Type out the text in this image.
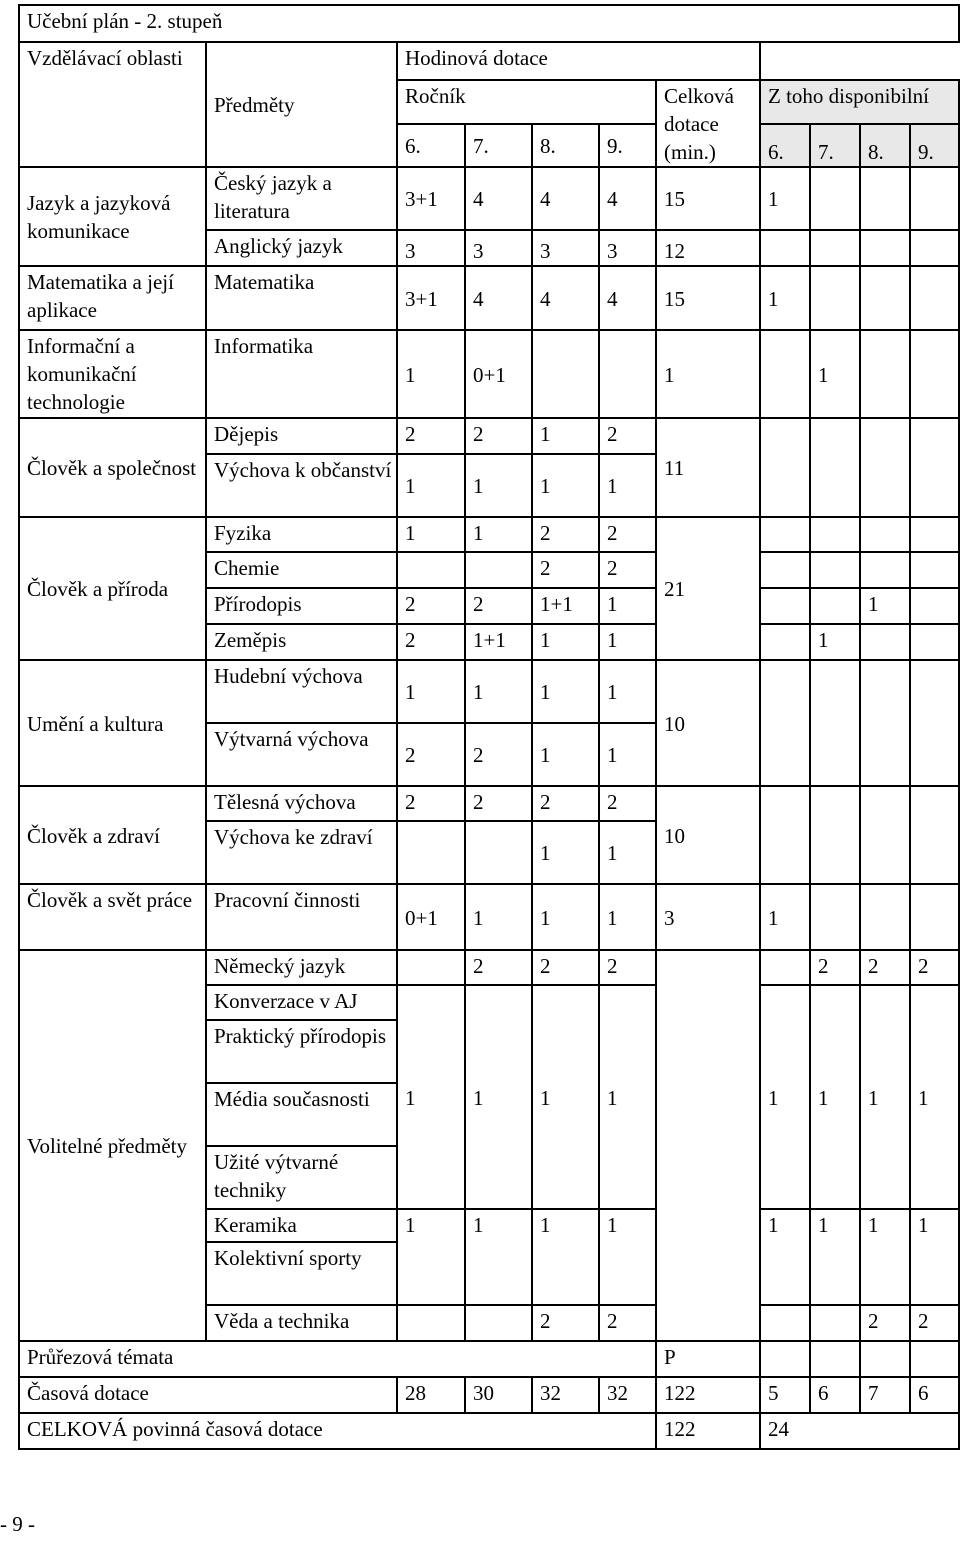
Učební plán - 2. stupeň										
Vzdělávací oblasti	Předměty	Hodinová dotace								
		Ročník				Celková dotace (min.)	Z toho disponibilní			
		6.	7.	8.	9.		6.	7.	8.	9.
Jazyk a jazyková komunikace	Český jazyk a literatura	3+1	4	4	4	15	1			
	Anglický jazyk	3	3	3	3	12				
Matematika a její aplikace	Matematika	3+1	4	4	4	15	1			
Informační a komunikační technologie	Informatika	1	0+1			1		1		
Člověk a společnost	Dějepis	2	2	1	2	11				
	Výchova k občanství	1	1	1	1					
Člověk a příroda	Fyzika	1	1	2	2	21				
	Chemie			2	2					
	Přírodopis	2	2	1+1	1				1	
	Zeměpis	2	1+1	1	1			1		
Umění a kultura	Hudební výchova	1	1	1	1	10				
	Výtvarná výchova	2	2	1	1					
Člověk a zdraví	Tělesná výchova	2	2	2	2	10				
	Výchova ke zdraví			1	1					
Člověk a svět práce	Pracovní činnosti	0+1	1	1	1	3	1			
Volitelné předměty	Německý jazyk		2	2	2			2	2	2
	Konverzace v AJ	1	1	1	1		1	1	1	1
	Praktický přírodopis									
	Média současnosti									
	Užité výtvarné techniky									
	Keramika	1	1	1	1		1	1	1	1
	Kolektivní sporty									
	Věda a technika			2	2				2	2
Průřezová témata						P				
Časová dotace		28	30	32	32	122	5	6	7	6
CELKOVÁ povinná časová dotace						122	24			
- 9 -
